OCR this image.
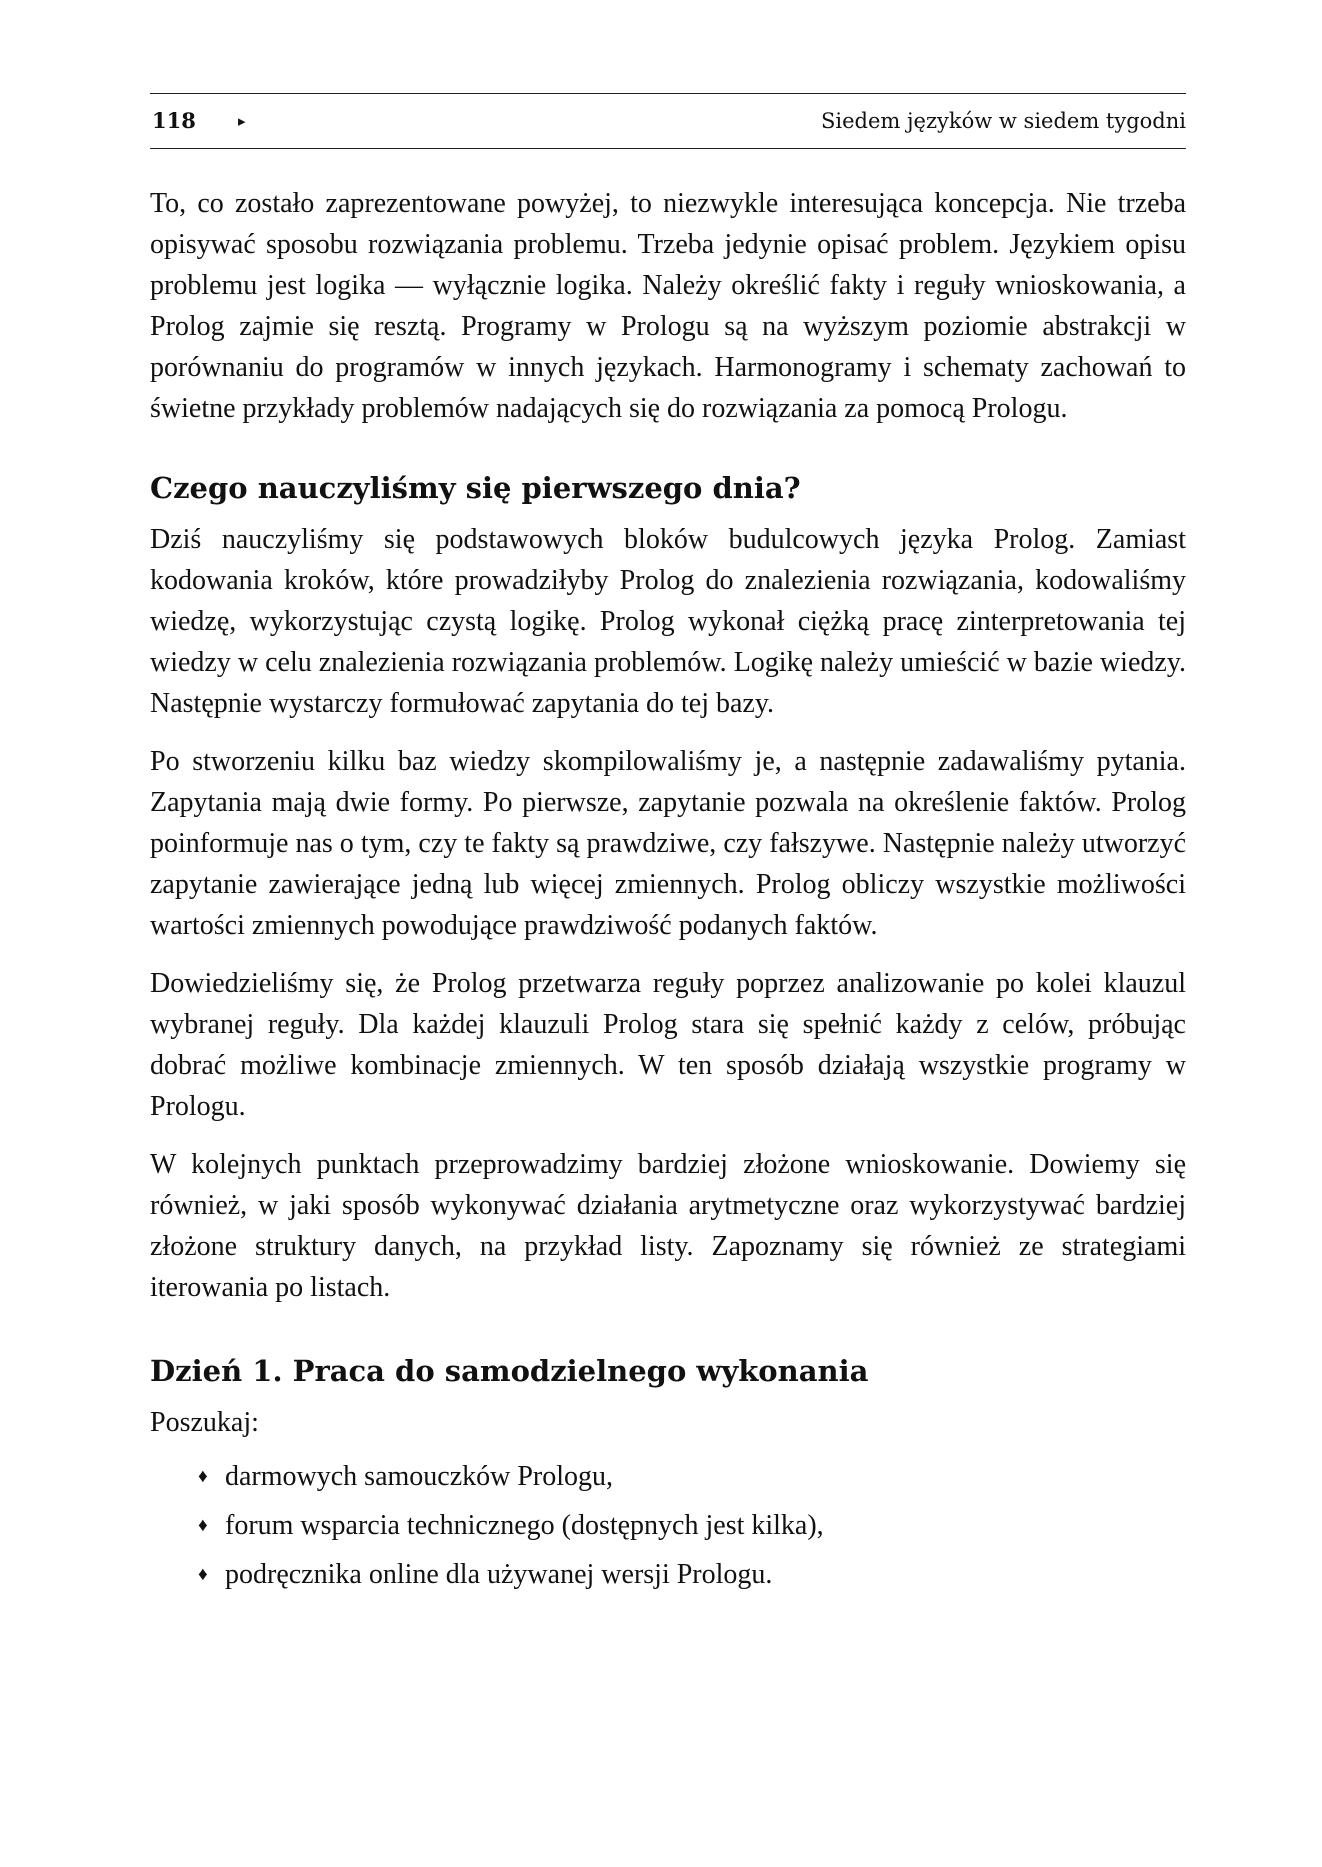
118	▸	Siedem języków w siedem tygodni

To, co zostało zaprezentowane powyżej, to niezwykle interesująca koncepcja. Nie trzeba opisywać sposobu rozwiązania problemu. Trzeba jedynie opisać problem. Językiem opisu problemu jest logika — wyłącznie logika. Należy określić fakty i reguły wnioskowania, a Prolog zajmie się resztą. Programy w Prologu są na wyższym poziomie abstrakcji w porównaniu do programów w innych językach. Harmonogramy i schematy zachowań to świetne przykłady problemów nadających się do rozwiązania za pomocą Prologu.

Czego nauczyliśmy się pierwszego dnia?

Dziś nauczyliśmy się podstawowych bloków budulcowych języka Prolog. Zamiast kodowania kroków, które prowadziłyby Prolog do znalezienia rozwiązania, kodowaliśmy wiedzę, wykorzystując czystą logikę. Prolog wykonał ciężką pracę zinterpretowania tej wiedzy w celu znalezienia rozwiązania problemów. Logikę należy umieścić w bazie wiedzy. Następnie wystarczy formułować zapytania do tej bazy.

Po stworzeniu kilku baz wiedzy skompilowaliśmy je, a następnie zadawaliśmy pytania. Zapytania mają dwie formy. Po pierwsze, zapytanie pozwala na określenie faktów. Prolog poinformuje nas o tym, czy te fakty są prawdziwe, czy fałszywe. Następnie należy utworzyć zapytanie zawierające jedną lub więcej zmiennych. Prolog obliczy wszystkie możliwości wartości zmiennych powodujące prawdziwość podanych faktów.

Dowiedzieliśmy się, że Prolog przetwarza reguły poprzez analizowanie po kolei klauzul wybranej reguły. Dla każdej klauzuli Prolog stara się spełnić każdy z celów, próbując dobrać możliwe kombinacje zmiennych. W ten sposób działają wszystkie programy w Prologu.

W kolejnych punktach przeprowadzimy bardziej złożone wnioskowanie. Dowiemy się również, w jaki sposób wykonywać działania arytmetyczne oraz wykorzystywać bardziej złożone struktury danych, na przykład listy. Zapoznamy się również ze strategiami iterowania po listach.

Dzień 1. Praca do samodzielnego wykonania

Poszukaj:

♦ darmowych samouczków Prologu,
♦ forum wsparcia technicznego (dostępnych jest kilka),
♦ podręcznika online dla używanej wersji Prologu.
